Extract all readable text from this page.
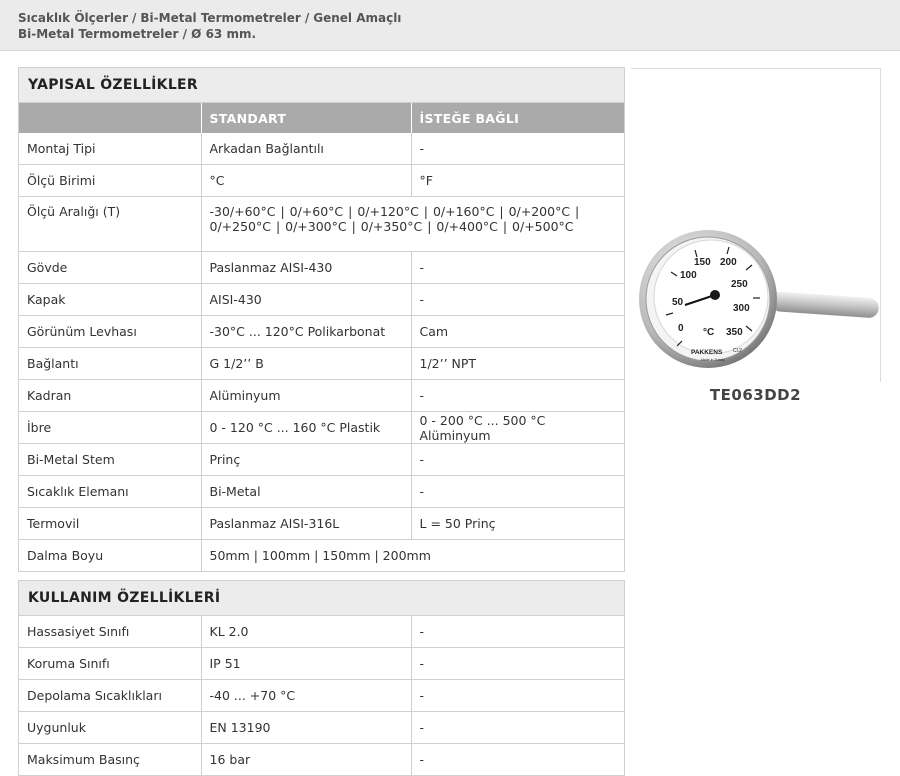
Sıcaklık Ölçerler / Bi-Metal Termometreler / Genel Amaçlı
Bi-Metal Termometreler / Ø 63 mm.
YAPISAL ÖZELLİKLER
	STANDART	İSTEĞE BAĞLI
Montaj Tipi	Arkadan Bağlantılı	-
Ölçü Birimi	°C	°F
Ölçü Aralığı (T)	-30/+60°C | 0/+60°C | 0/+120°C | 0/+160°C | 0/+200°C | 0/+250°C | 0/+300°C | 0/+350°C | 0/+400°C | 0/+500°C	
Gövde	Paslanmaz AISI-430	-
Kapak	AISI-430	-
Görünüm Levhası	-30°C ... 120°C Polikarbonat	Cam
Bağlantı	G 1/2’’ B	1/2’’ NPT
Kadran	Alüminyum	-
İbre	0 - 120 °C ... 160 °C Plastik	0 - 200 °C ... 500 °C Alüminyum
Bi-Metal Stem	Prinç	-
Sıcaklık Elemanı	Bi-Metal	-
Termovil	Paslanmaz AISI-316L	L = 50 Prinç
Dalma Boyu	50mm | 100mm | 150mm | 200mm	
KULLANIM ÖZELLİKLERİ
Hassasiyet Sınıfı	KL 2.0	-
Koruma Sınıfı	IP 51	-
Depolama Sıcaklıkları	-40 ... +70 °C	-
Uygunluk	EN 13190	-
Maksimum Basınç	16 bar	-
0
50
100
150 200
250
300
350
°C
PAKKENS Cl.2
Made in Turkey
TE063DD2
